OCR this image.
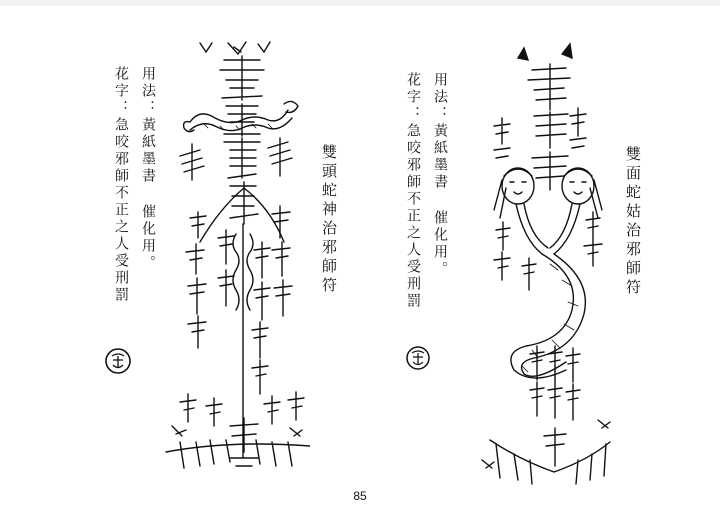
用法：黃紙墨書 催化用。
花字：急咬邪師不正之人受刑罰	雙頭蛇神治邪師符	雙面蛇姑治邪師符
用法：黃紙墨書 催化用。
花字：急咬邪師不正之人受刑罰
85
